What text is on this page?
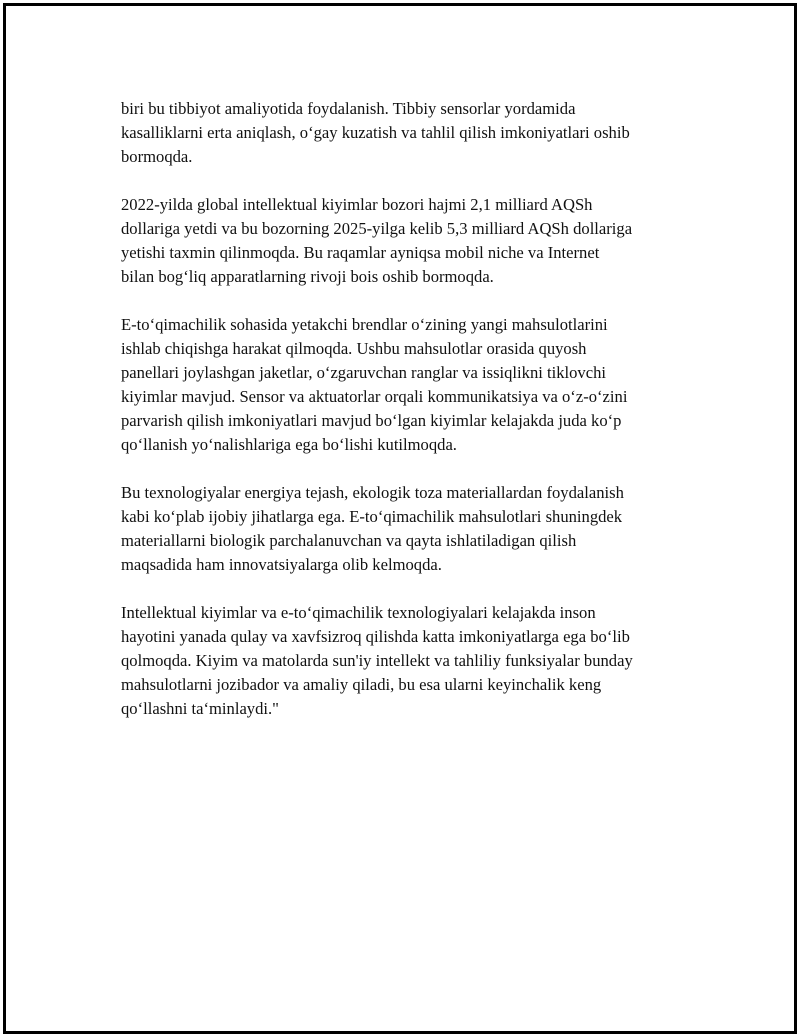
biri bu tibbiyot amaliyotida foydalanish. Tibbiy sensorlar yordamida
kasalliklarni erta aniqlash, o‘gay kuzatish va tahlil qilish imkoniyatlari oshib
bormoqda.

2022-yilda global intellektual kiyimlar bozori hajmi 2,1 milliard AQSh
dollariga yetdi va bu bozorning 2025-yilga kelib 5,3 milliard AQSh dollariga
yetishi taxmin qilinmoqda. Bu raqamlar ayniqsa mobil niche va Internet
bilan bog‘liq apparatlarning rivoji bois oshib bormoqda.

E-to‘qimachilik sohasida yetakchi brendlar o‘zining yangi mahsulotlarini
ishlab chiqishga harakat qilmoqda. Ushbu mahsulotlar orasida quyosh
panellari joylashgan jaketlar, o‘zgaruvchan ranglar va issiqlikni tiklovchi
kiyimlar mavjud. Sensor va aktuatorlar orqali kommunikatsiya va o‘z-o‘zini
parvarish qilish imkoniyatlari mavjud bo‘lgan kiyimlar kelajakda juda ko‘p
qo‘llanish yo‘nalishlariga ega bo‘lishi kutilmoqda.

Bu texnologiyalar energiya tejash, ekologik toza materiallardan foydalanish
kabi ko‘plab ijobiy jihatlarga ega. E-to‘qimachilik mahsulotlari shuningdek
materiallarni biologik parchalanuvchan va qayta ishlatiladigan qilish
maqsadida ham innovatsiyalarga olib kelmoqda.

Intellektual kiyimlar va e-to‘qimachilik texnologiyalari kelajakda inson
hayotini yanada qulay va xavfsizroq qilishda katta imkoniyatlarga ega bo‘lib
qolmoqda. Kiyim va matolarda sun'iy intellekt va tahliliy funksiyalar bunday
mahsulotlarni jozibador va amaliy qiladi, bu esa ularni keyinchalik keng
qo‘llashni ta‘minlaydi."
